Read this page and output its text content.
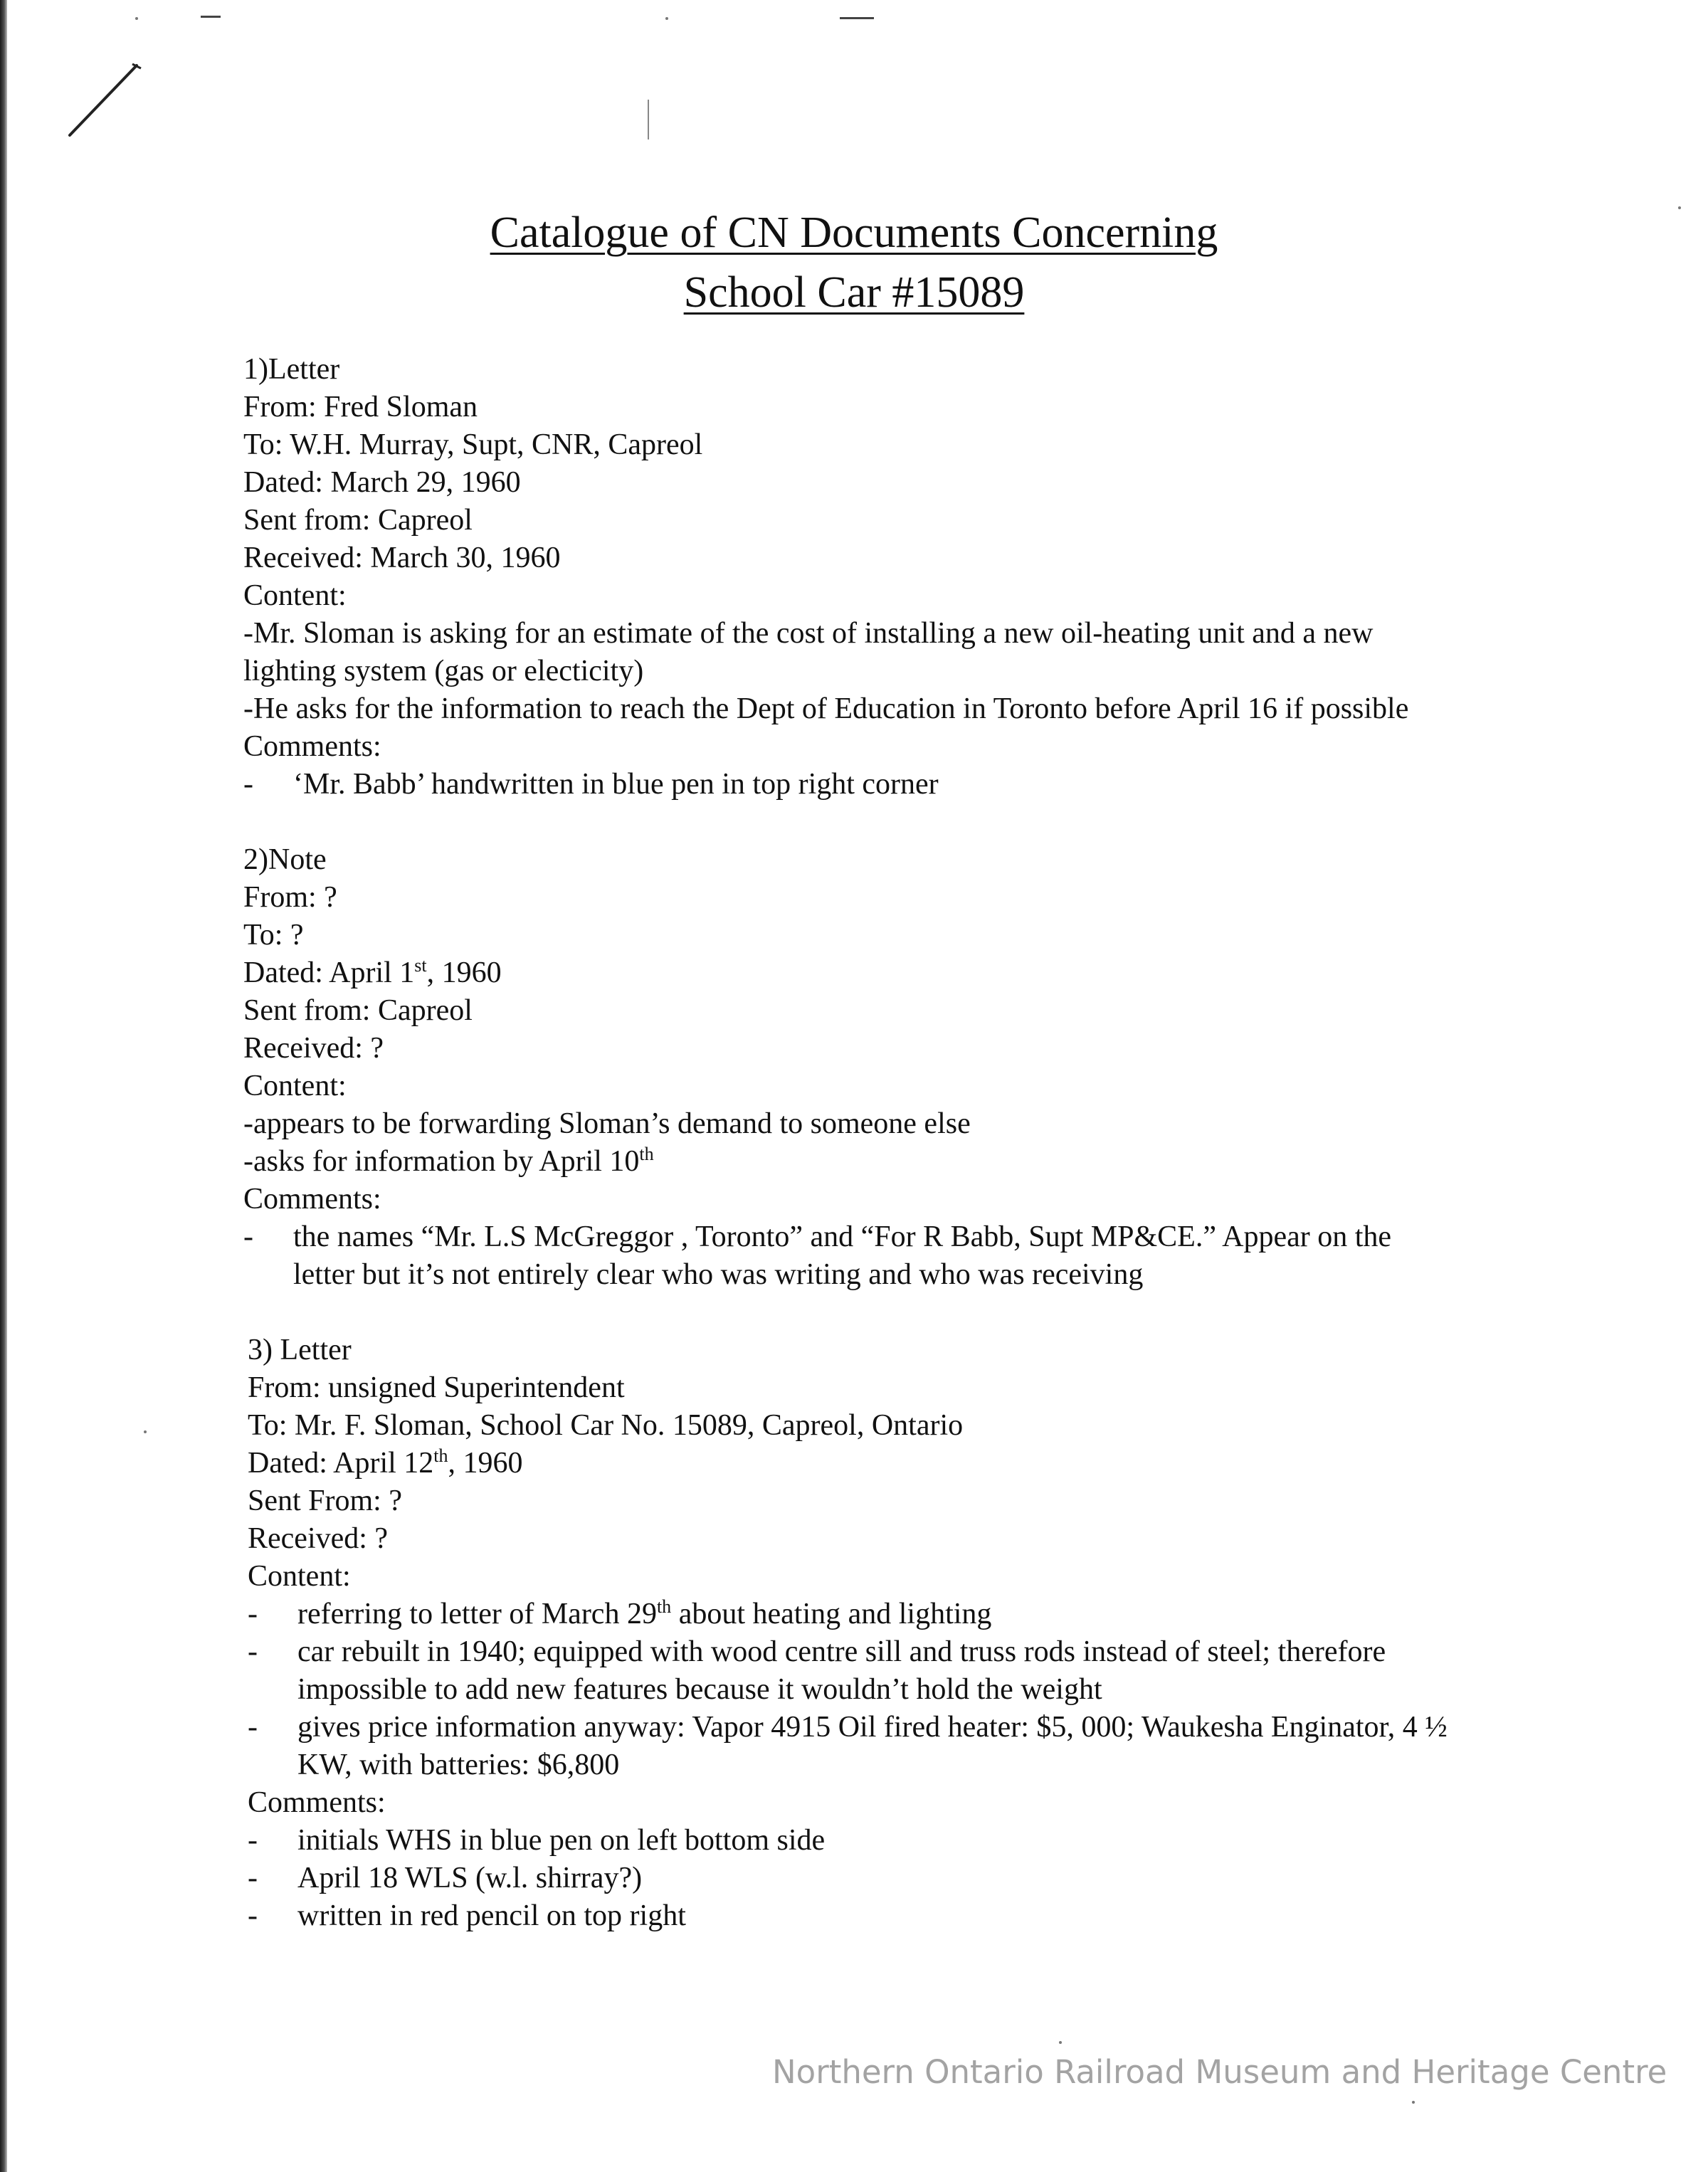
Catalogue of CN Documents Concerning
School Car #15089
1)Letter
From: Fred Sloman
To: W.H. Murray, Supt, CNR, Capreol
Dated: March 29, 1960
Sent from: Capreol
Received: March 30, 1960
Content:
-Mr. Sloman is asking for an estimate of the cost of installing a new oil-heating unit and a new lighting system (gas or electicity)
-He asks for the information to reach the Dept of Education in Toronto before April 16 if possible
Comments:
- ‘Mr. Babb’ handwritten in blue pen in top right corner
2)Note
From: ?
To: ?
Dated: April 1st, 1960
Sent from: Capreol
Received: ?
Content:
-appears to be forwarding Sloman’s demand to someone else
-asks for information by April 10th
Comments:
- the names “Mr. L.S McGreggor , Toronto” and “For R Babb, Supt MP&CE.” Appear on the letter but it’s not entirely clear who was writing and who was receiving
3) Letter
From: unsigned Superintendent
To: Mr. F. Sloman, School Car No. 15089, Capreol, Ontario
Dated: April 12th, 1960
Sent From: ?
Received: ?
Content:
- referring to letter of March 29th about heating and lighting
- car rebuilt in 1940; equipped with wood centre sill and truss rods instead of steel; therefore impossible to add new features because it wouldn’t hold the weight
- gives price information anyway: Vapor 4915 Oil fired heater: $5, 000; Waukesha Enginator, 4 ½ KW, with batteries: $6,800
Comments:
- initials WHS in blue pen on left bottom side
- April 18 WLS (w.l. shirray?)
- written in red pencil on top right
Northern Ontario Railroad Museum and Heritage Centre
